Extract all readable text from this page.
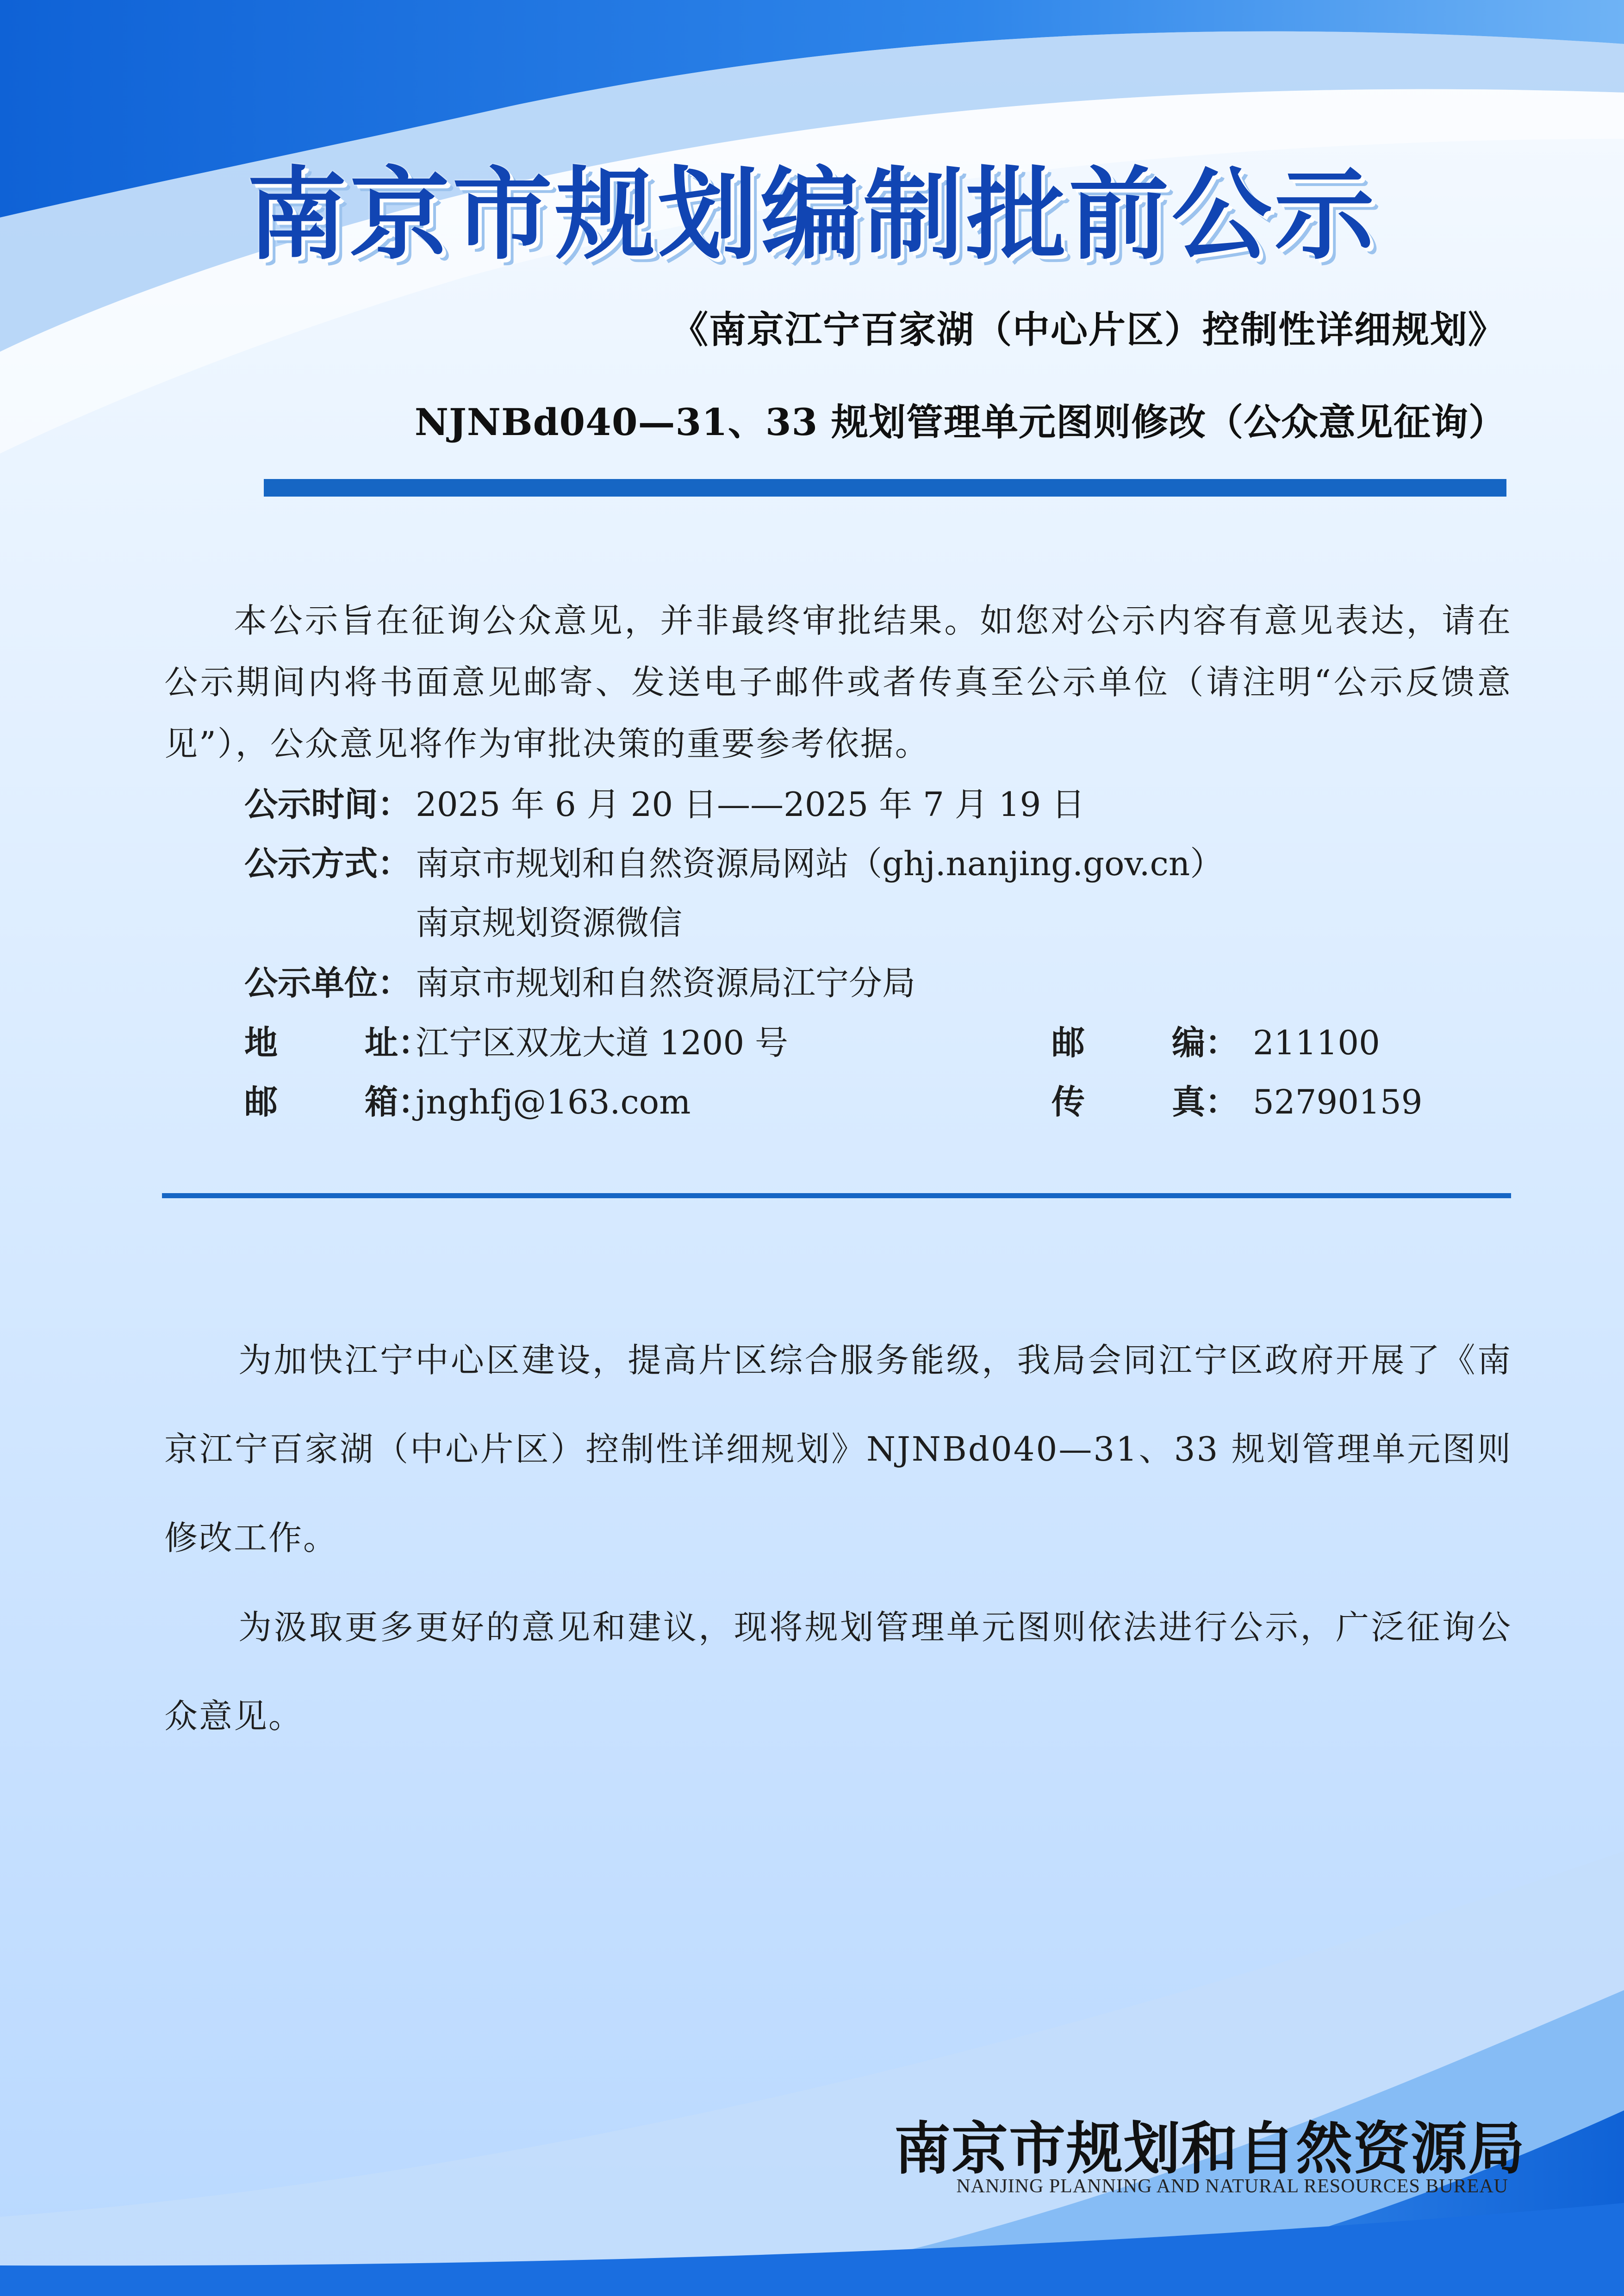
南京市规划编制批前公示
《南京江宁百家湖（中心片区）控制性详细规划》
NJNBd040—31、33 规划管理单元图则修改（公众意见征询）
本公示旨在征询公众意见，并非最终审批结果。如您对公示内容有意见表达，请在公示期间内将书面意见邮寄、发送电子邮件或者传真至公示单位（请注明“公示反馈意见”），公众意见将作为审批决策的重要参考依据。
公示时间： 2025 年 6 月 20 日——2025 年 7 月 19 日
公示方式： 南京市规划和自然资源局网站（ghj.nanjing.gov.cn）
南京规划资源微信
公示单位： 南京市规划和自然资源局江宁分局
地	址：江宁区双龙大道 1200 号	邮	编： 211100
邮	箱：jnghfj@163.com	传	真： 52790159
为加快江宁中心区建设，提高片区综合服务能级，我局会同江宁区政府开展了《南京江宁百家湖（中心片区）控制性详细规划》NJNBd040—31、33 规划管理单元图则修改工作。
为汲取更多更好的意见和建议，现将规划管理单元图则依法进行公示，广泛征询公众意见。
南京市规划和自然资源局
NANJING PLANNING AND NATURAL RESOURCES BUREAU
